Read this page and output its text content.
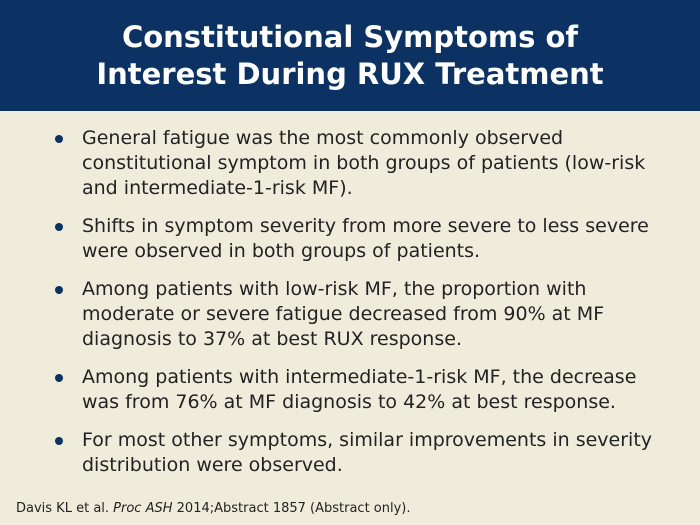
Constitutional Symptoms of
Interest During RUX Treatment
General fatigue was the most commonly observed constitutional symptom in both groups of patients (low-risk and intermediate-1-risk MF).
Shifts in symptom severity from more severe to less severe were observed in both groups of patients.
Among patients with low-risk MF, the proportion with moderate or severe fatigue decreased from 90% at MF diagnosis to 37% at best RUX response.
Among patients with intermediate-1-risk MF, the decrease was from 76% at MF diagnosis to 42% at best response.
For most other symptoms, similar improvements in severity distribution were observed.

Davis KL et al. Proc ASH 2014;Abstract 1857 (Abstract only).
